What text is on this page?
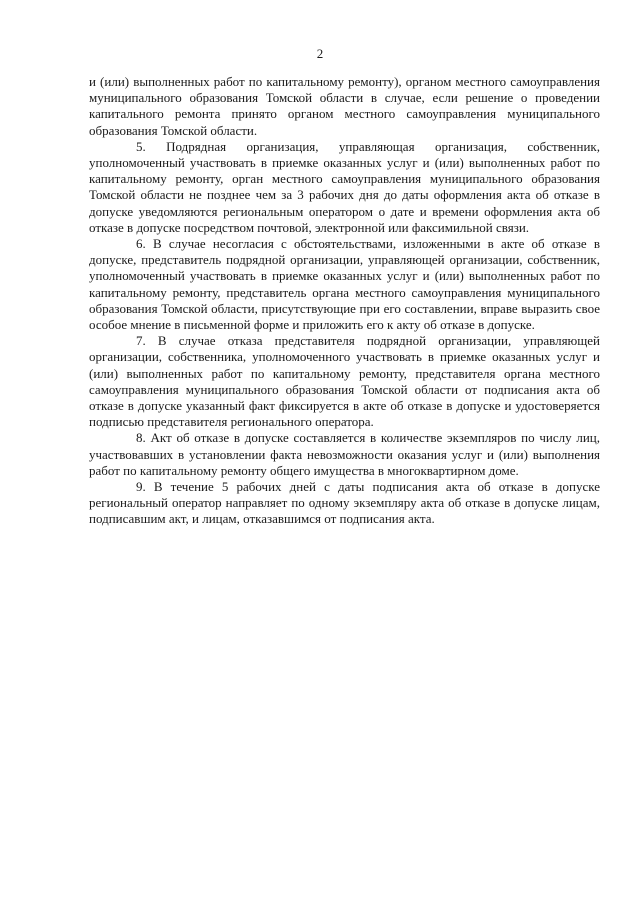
2

и (или) выполненных работ по капитальному ремонту), органом местного самоуправления муниципального образования Томской области в случае, если решение о проведении капитального ремонта принято органом местного самоуправления муниципального образования Томской области.

5. Подрядная организация, управляющая организация, собственник, уполномоченный участвовать в приемке оказанных услуг и (или) выполненных работ по капитальному ремонту, орган местного самоуправления муниципального образования Томской области не позднее чем за 3 рабочих дня до даты оформления акта об отказе в допуске уведомляются региональным оператором о дате и времени оформления акта об отказе в допуске посредством почтовой, электронной или факсимильной связи.

6. В случае несогласия с обстоятельствами, изложенными в акте об отказе в допуске, представитель подрядной организации, управляющей организации, собственник, уполномоченный участвовать в приемке оказанных услуг и (или) выполненных работ по капитальному ремонту, представитель органа местного самоуправления муниципального образования Томской области, присутствующие при его составлении, вправе выразить свое особое мнение в письменной форме и приложить его к акту об отказе в допуске.

7. В случае отказа представителя подрядной организации, управляющей организации, собственника, уполномоченного участвовать в приемке оказанных услуг и (или) выполненных работ по капитальному ремонту, представителя органа местного самоуправления муниципального образования Томской области от подписания акта об отказе в допуске указанный факт фиксируется в акте об отказе в допуске и удостоверяется подписью представителя регионального оператора.

8. Акт об отказе в допуске составляется в количестве экземпляров по числу лиц, участвовавших в установлении факта невозможности оказания услуг и (или) выполнения работ по капитальному ремонту общего имущества в многоквартирном доме.

9. В течение 5 рабочих дней с даты подписания акта об отказе в допуске региональный оператор направляет по одному экземпляру акта об отказе в допуске лицам, подписавшим акт, и лицам, отказавшимся от подписания акта.
